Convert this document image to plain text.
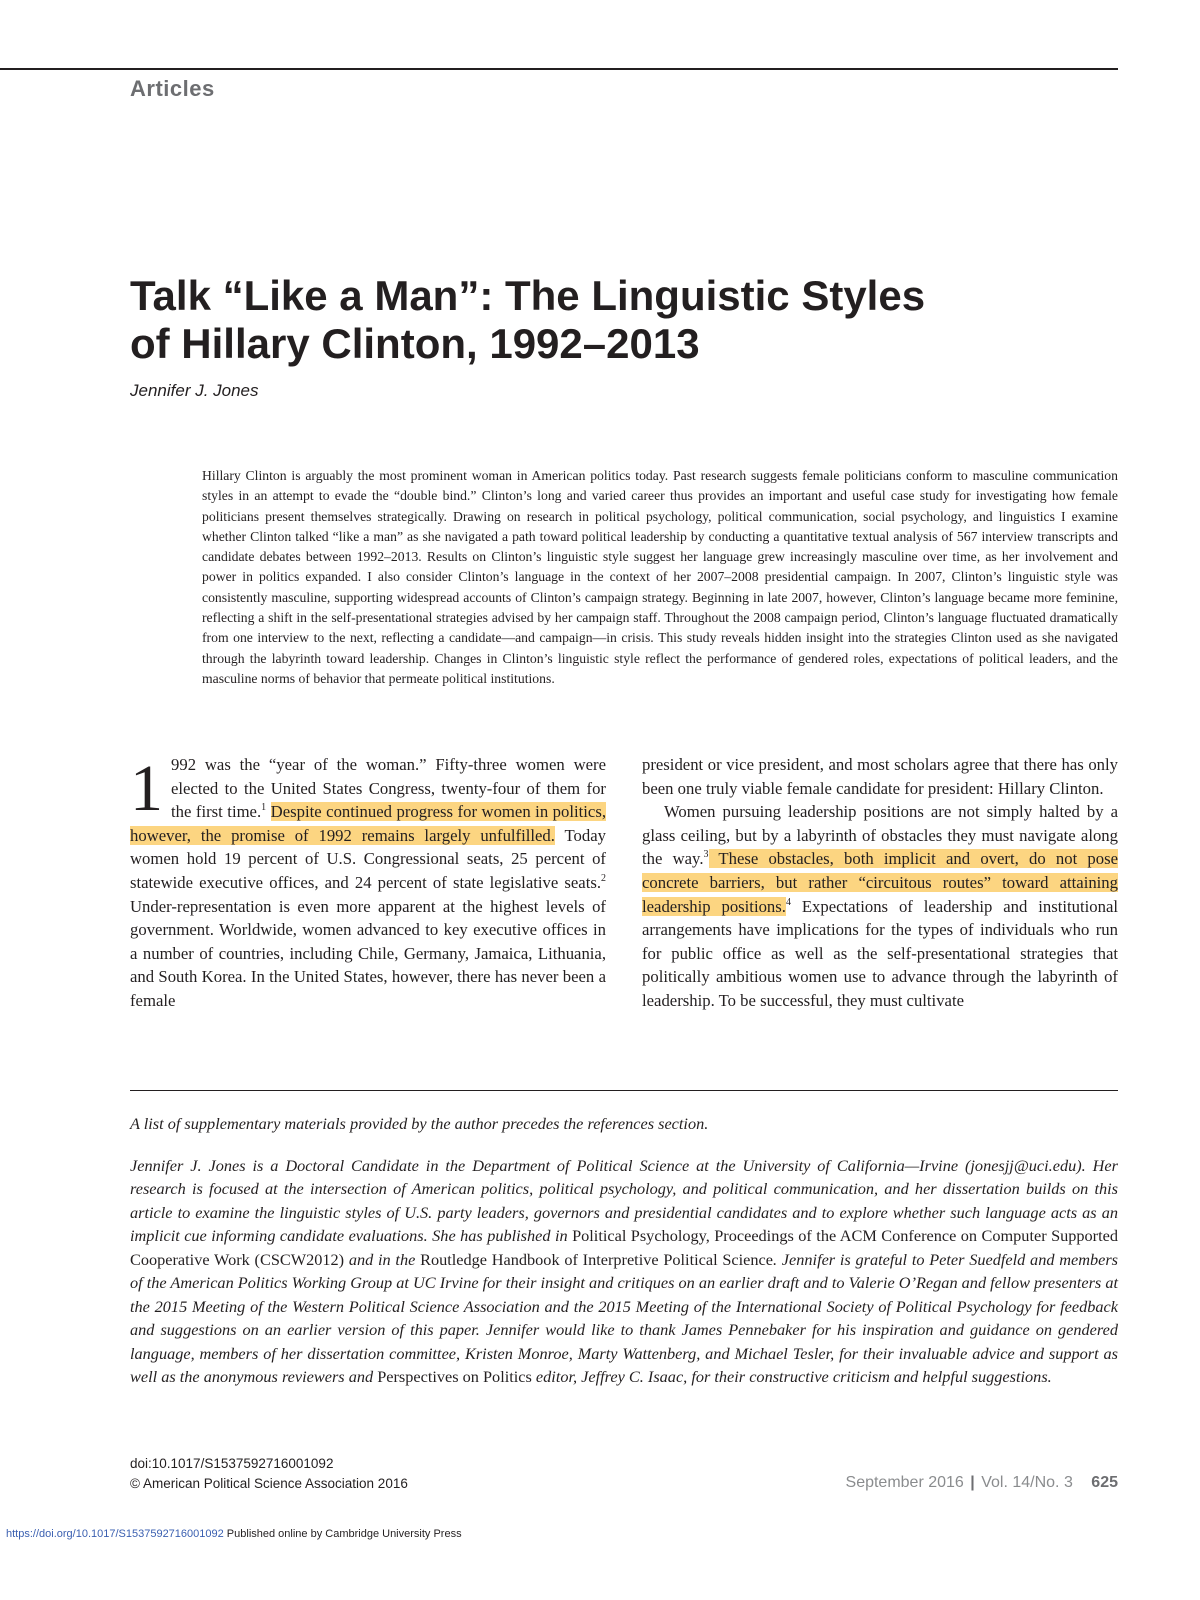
Articles
Talk “Like a Man”: The Linguistic Styles
of Hillary Clinton, 1992–2013
Jennifer J. Jones

Hillary Clinton is arguably the most prominent woman in American politics today. Past research suggests female politicians conform to masculine communication styles in an attempt to evade the “double bind.” Clinton’s long and varied career thus provides an important and useful case study for investigating how female politicians present themselves strategically. Drawing on research in political psychology, political communication, social psychology, and linguistics I examine whether Clinton talked “like a man” as she navigated a path toward political leadership by conducting a quantitative textual analysis of 567 interview transcripts and candidate debates between 1992–2013. Results on Clinton’s linguistic style suggest her language grew increasingly masculine over time, as her involvement and power in politics expanded. I also consider Clinton’s language in the context of her 2007–2008 presidential campaign. In 2007, Clinton’s linguistic style was consistently masculine, supporting widespread accounts of Clinton’s campaign strategy. Beginning in late 2007, however, Clinton’s language became more feminine, reflecting a shift in the self-presentational strategies advised by her campaign staff. Throughout the 2008 campaign period, Clinton’s language fluctuated dramatically from one interview to the next, reflecting a candidate—and campaign—in crisis. This study reveals hidden insight into the strategies Clinton used as she navigated through the labyrinth toward leadership. Changes in Clinton’s linguistic style reflect the performance of gendered roles, expectations of political leaders, and the masculine norms of behavior that permeate political institutions.

1 992 was the “year of the woman.” Fifty-three women were elected to the United States Congress, twenty-four of them for the first time.$^1$ Despite continued progress for women in politics, however, the promise of 1992 remains largely unfulfilled. Today women hold 19 percent of U.S. Congressional seats, 25 percent of statewide executive offices, and 24 percent of state legislative seats.$^2$ Under-representation is even more apparent at the highest levels of government. Worldwide, women advanced to key executive offices in a number of countries, including Chile, Germany, Jamaica, Lithuania, and South Korea. In the United States, however, there has never been a female

president or vice president, and most scholars agree that there has only been one truly viable female candidate for president: Hillary Clinton.

Women pursuing leadership positions are not simply halted by a glass ceiling, but by a labyrinth of obstacles they must navigate along the way.$^3$ These obstacles, both implicit and overt, do not pose concrete barriers, but rather “circuitous routes” toward attaining leadership positions.$^4$ Expectations of leadership and institutional arrangements have implications for the types of individuals who run for public office as well as the self-presentational strategies that politically ambitious women use to advance through the labyrinth of leadership. To be successful, they must cultivate

A list of supplementary materials provided by the author precedes the references section.

Jennifer J. Jones is a Doctoral Candidate in the Department of Political Science at the University of California—Irvine (jonesjj@uci.edu). Her research is focused at the intersection of American politics, political psychology, and political communication, and her dissertation builds on this article to examine the linguistic styles of U.S. party leaders, governors and presidential candidates and to explore whether such language acts as an implicit cue informing candidate evaluations. She has published in Political Psychology, Proceedings of the ACM Conference on Computer Supported Cooperative Work (CSCW2012) and in the Routledge Handbook of Interpretive Political Science. Jennifer is grateful to Peter Suedfeld and members of the American Politics Working Group at UC Irvine for their insight and critiques on an earlier draft and to Valerie O’Regan and fellow presenters at the 2015 Meeting of the Western Political Science Association and the 2015 Meeting of the International Society of Political Psychology for feedback and suggestions on an earlier version of this paper. Jennifer would like to thank James Pennebaker for his inspiration and guidance on gendered language, members of her dissertation committee, Kristen Monroe, Marty Wattenberg, and Michael Tesler, for their invaluable advice and support as well as the anonymous reviewers and Perspectives on Politics editor, Jeffrey C. Isaac, for their constructive criticism and helpful suggestions.

doi:10.1017/S1537592716001092
© American Political Science Association 2016	September 2016 | Vol. 14/No. 3 625
https://doi.org/10.1017/S1537592716001092 Published online by Cambridge University Press
